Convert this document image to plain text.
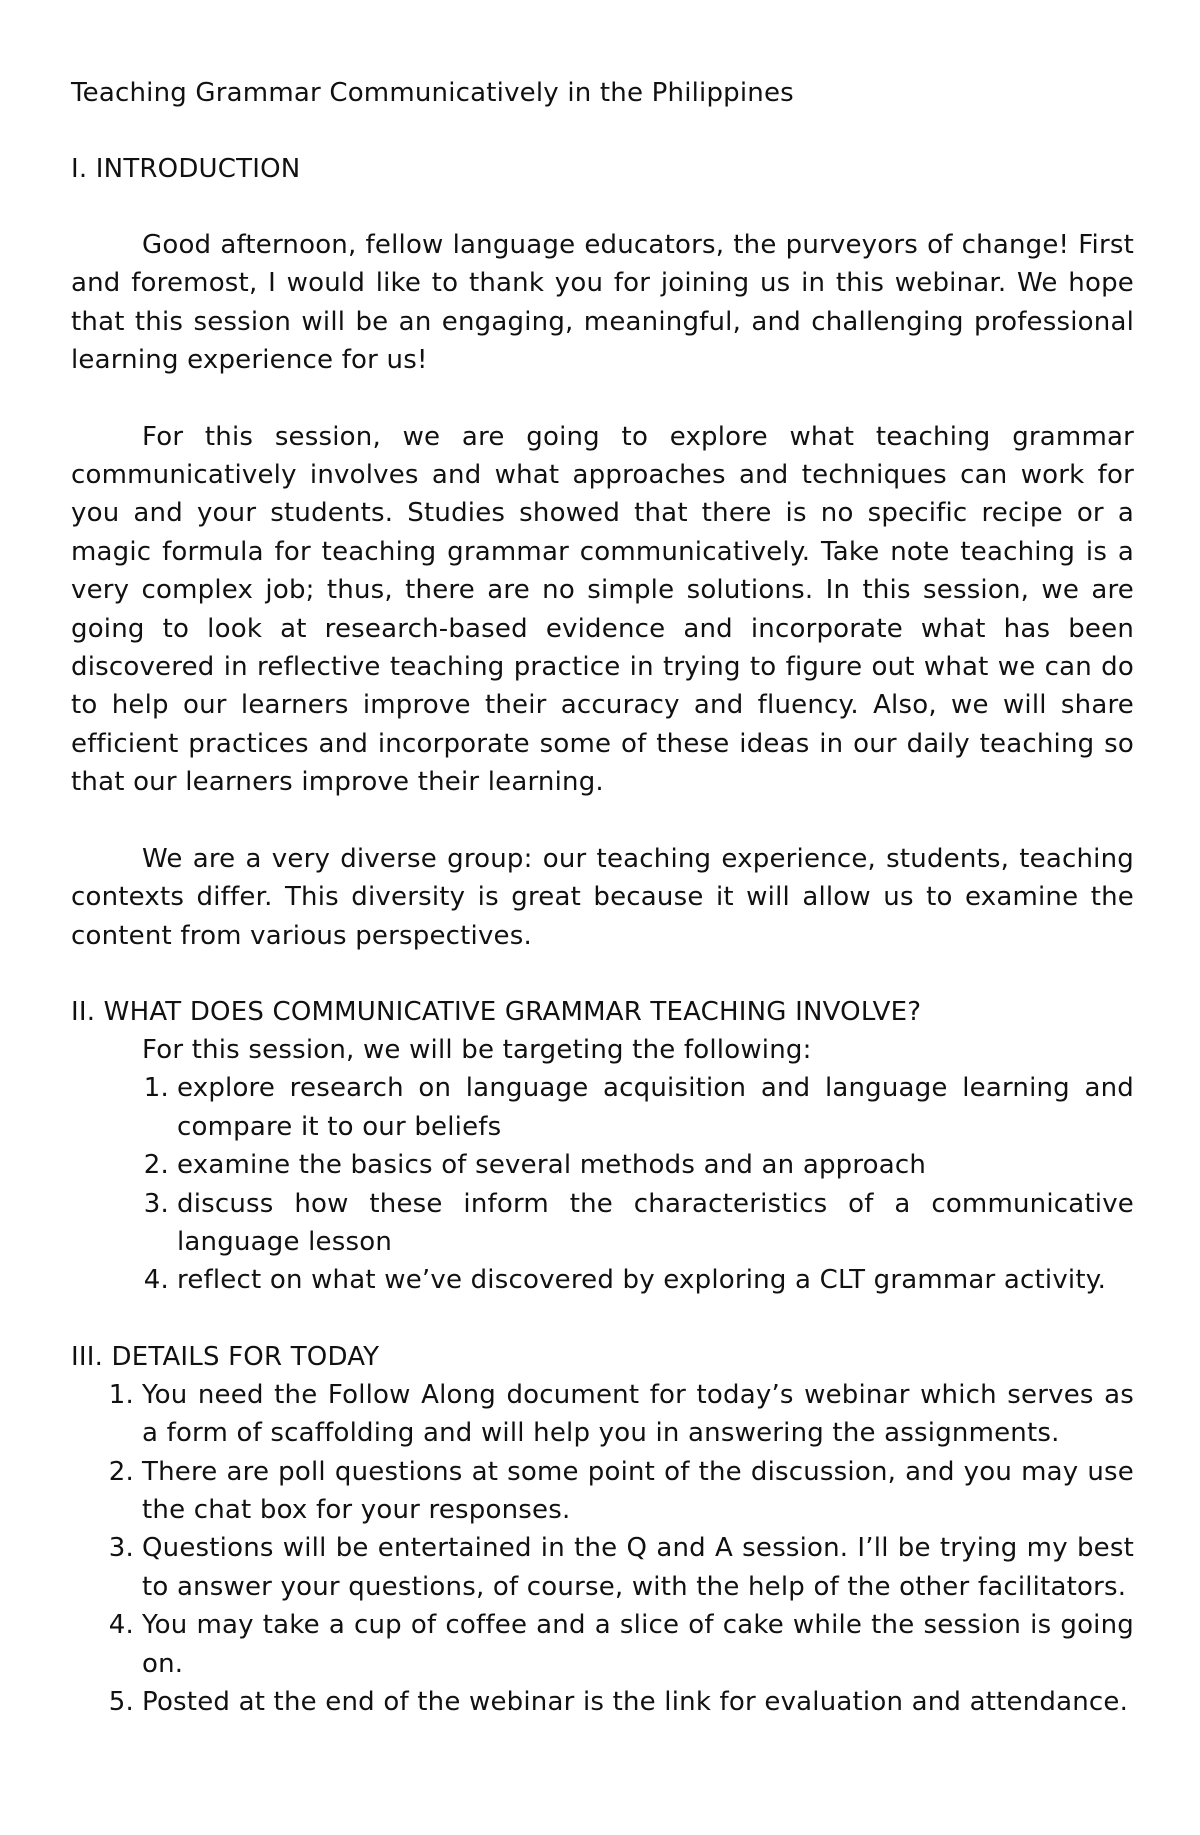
Teaching Grammar Communicatively in the Philippines
I. INTRODUCTION

Good afternoon, fellow language educators, the purveyors of change! First and foremost, I would like to thank you for joining us in this webinar. We hope that this session will be an engaging, meaningful, and challenging professional learning experience for us!

For this session, we are going to explore what teaching grammar communicatively involves and what approaches and techniques can work for you and your students. Studies showed that there is no specific recipe or a magic formula for teaching grammar communicatively. Take note teaching is a very complex job; thus, there are no simple solutions. In this session, we are going to look at research-based evidence and incorporate what has been discovered in reflective teaching practice in trying to figure out what we can do to help our learners improve their accuracy and fluency. Also, we will share efficient practices and incorporate some of these ideas in our daily teaching so that our learners improve their learning.

We are a very diverse group: our teaching experience, students, teaching contexts differ. This diversity is great because it will allow us to examine the content from various perspectives.

II. WHAT DOES COMMUNICATIVE GRAMMAR TEACHING INVOLVE?
For this session, we will be targeting the following:
1. explore research on language acquisition and language learning and compare it to our beliefs
2. examine the basics of several methods and an approach
3. discuss how these inform the characteristics of a communicative language lesson
4. reflect on what we’ve discovered by exploring a CLT grammar activity.
III. DETAILS FOR TODAY
1. You need the Follow Along document for today’s webinar which serves as a form of scaffolding and will help you in answering the assignments.
2. There are poll questions at some point of the discussion, and you may use the chat box for your responses.
3. Questions will be entertained in the Q and A session. I’ll be trying my best to answer your questions, of course, with the help of the other facilitators.
4. You may take a cup of coffee and a slice of cake while the session is going on.
5. Posted at the end of the webinar is the link for evaluation and attendance.
